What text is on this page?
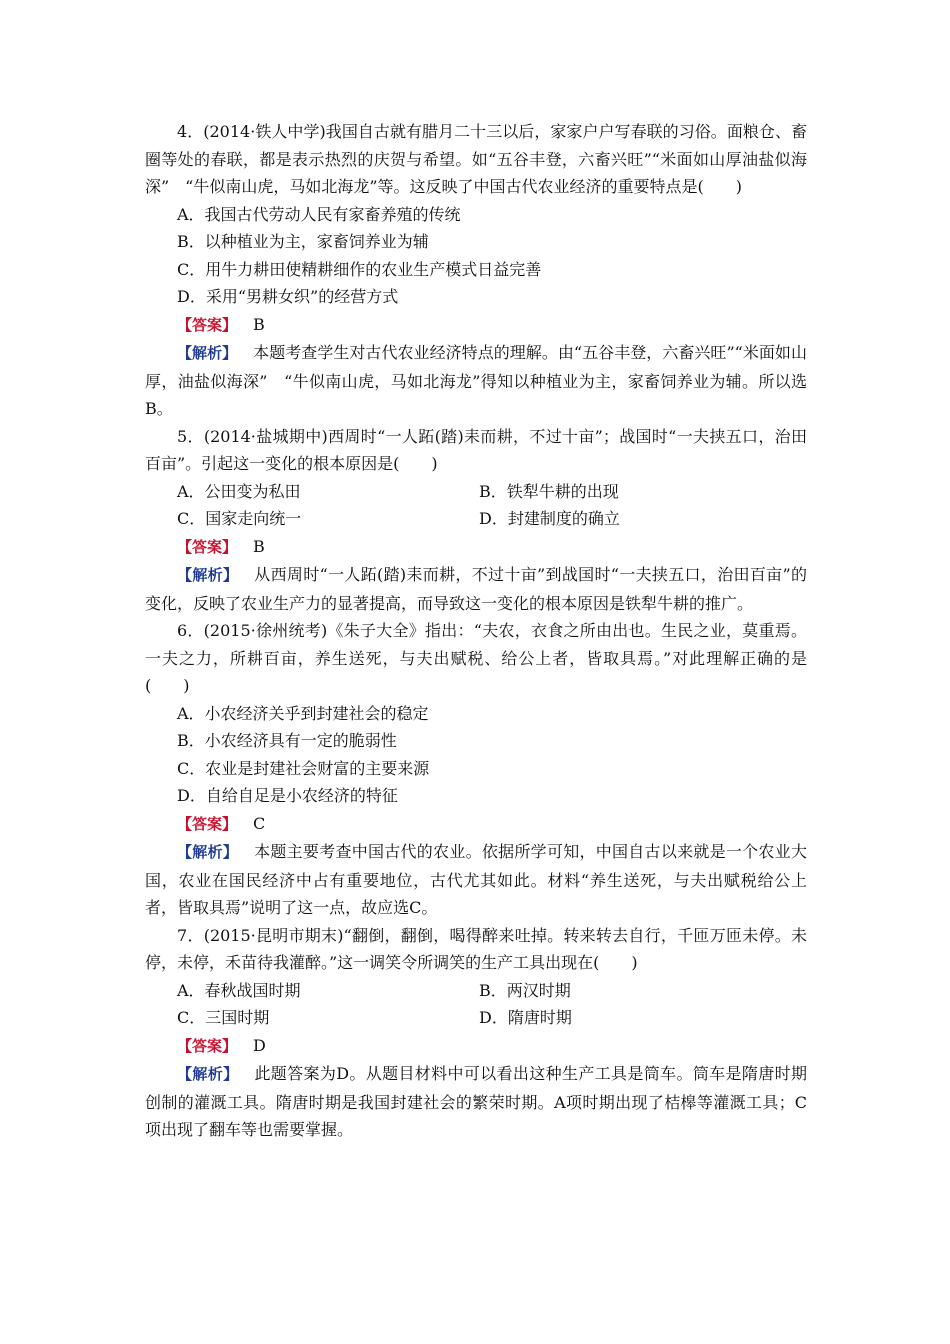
4．(2014·铁人中学)我国自古就有腊月二十三以后，家家户户写春联的习俗。面粮仓、畜圈等处的春联，都是表示热烈的庆贺与希望。如“五谷丰登，六畜兴旺”“米面如山厚油盐似海深”　“牛似南山虎，马如北海龙”等。这反映了中国古代农业经济的重要特点是(　　)

A．我国古代劳动人民有家畜养殖的传统

B．以种植业为主，家畜饲养业为辅

C．用牛力耕田使精耕细作的农业生产模式日益完善

D．采用“男耕女织”的经营方式

【答案】 B

【解析】 本题考查学生对古代农业经济特点的理解。由“五谷丰登，六畜兴旺”“米面如山厚，油盐似海深”　“牛似南山虎，马如北海龙”得知以种植业为主，家畜饲养业为辅。所以选B。

5．(2014·盐城期中)西周时“一人跖(踏)耒而耕，不过十亩”；战国时“一夫挟五口，治田百亩”。引起这一变化的根本原因是(　　)

A．公田变为私田	B．铁犁牛耕的出现

C．国家走向统一	D．封建制度的确立

【答案】 B

【解析】 从西周时“一人跖(踏)耒而耕，不过十亩”到战国时“一夫挟五口，治田百亩”的变化，反映了农业生产力的显著提高，而导致这一变化的根本原因是铁犁牛耕的推广。

6．(2015·徐州统考)《朱子大全》指出：“夫农，衣食之所由出也。生民之业，莫重焉。一夫之力，所耕百亩，养生送死，与夫出赋税、给公上者，皆取具焉。”对此理解正确的是(　　)

A．小农经济关乎到封建社会的稳定

B．小农经济具有一定的脆弱性

C．农业是封建社会财富的主要来源

D．自给自足是小农经济的特征

【答案】 C

【解析】 本题主要考查中国古代的农业。依据所学可知，中国自古以来就是一个农业大国，农业在国民经济中占有重要地位，古代尤其如此。材料“养生送死，与夫出赋税给公上者，皆取具焉”说明了这一点，故应选C。

7．(2015·昆明市期末)“翻倒，翻倒，喝得醉来吐掉。转来转去自行，千匝万匝未停。未停，未停，禾苗待我灌醉。”这一调笑令所调笑的生产工具出现在(　　)

A．春秋战国时期	B．两汉时期

C．三国时期	D．隋唐时期

【答案】 D

【解析】 此题答案为D。从题目材料中可以看出这种生产工具是筒车。筒车是隋唐时期创制的灌溉工具。隋唐时期是我国封建社会的繁荣时期。A项时期出现了桔槔等灌溉工具；C项出现了翻车等也需要掌握。
